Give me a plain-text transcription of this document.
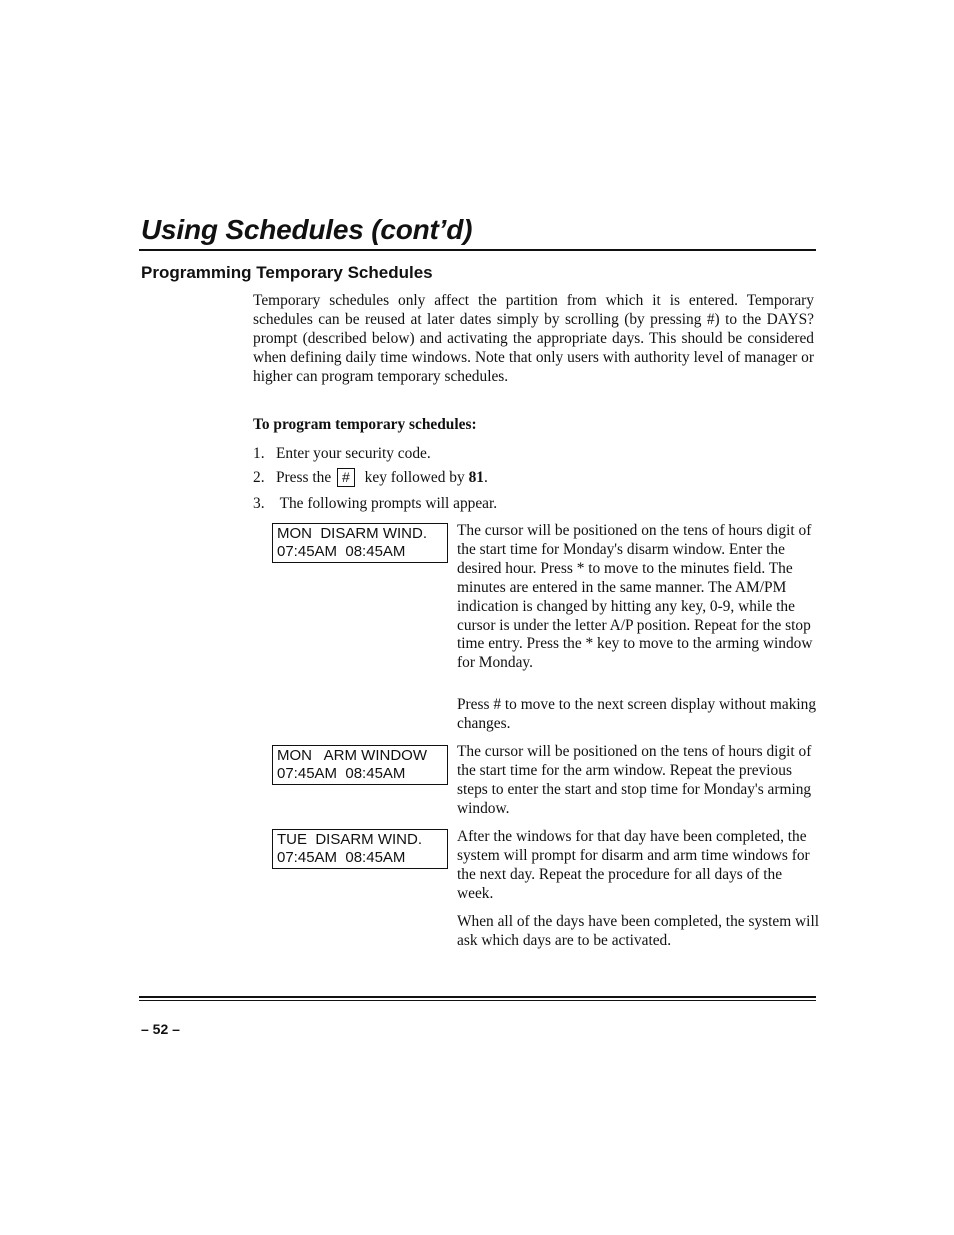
Using Schedules (cont’d)
Programming Temporary Schedules

Temporary schedules only affect the partition from which it is entered. Temporary schedules can be reused at later dates simply by scrolling (by pressing #) to the DAYS? prompt (described below) and activating the appropriate days. This should be considered when defining daily time windows. Note that only users with authority level of manager or higher can program temporary schedules.

To program temporary schedules:

1. Enter your security code.
2. Press the # key followed by 81.
3. The following prompts will appear.
MON  DISARM WIND.
07:45AM  08:45AM

The cursor will be positioned on the tens of hours digit of the start time for Monday's disarm window. Enter the desired hour. Press * to move to the minutes field. The minutes are entered in the same manner. The AM/PM indication is changed by hitting any key, 0-9, while the cursor is under the letter A/P position. Repeat for the stop time entry. Press the * key to move to the arming window for Monday.

Press # to move to the next screen display without making changes.

MON   ARM WINDOW
07:45AM  08:45AM

The cursor will be positioned on the tens of hours digit of the start time for the arm window. Repeat the previous steps to enter the start and stop time for Monday's arming window.

TUE  DISARM WIND.
07:45AM  08:45AM

After the windows for that day have been completed, the system will prompt for disarm and arm time windows for the next day. Repeat the procedure for all days of the week.

When all of the days have been completed, the system will ask which days are to be activated.

– 52 –
